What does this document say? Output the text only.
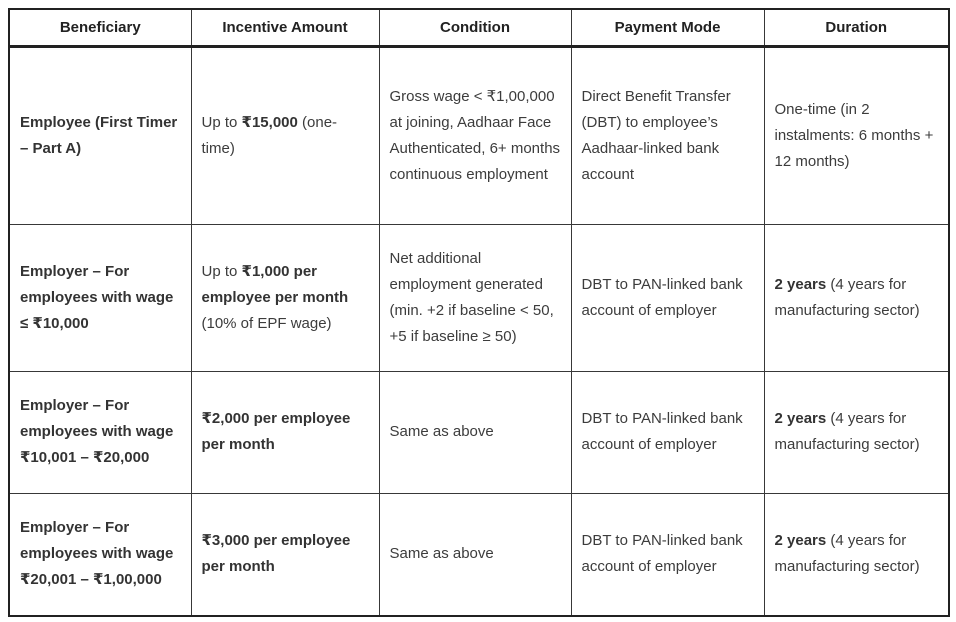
Beneficiary	Incentive Amount	Condition	Payment Mode	Duration
Employee (First Timer – Part A)	Up to ₹15,000 (one-time)	Gross wage < ₹1,00,000 at joining, Aadhaar Face Authenticated, 6+ months continuous employment	Direct Benefit Transfer (DBT) to employee’s Aadhaar-linked bank account	One-time (in 2 instalments: 6 months + 12 months)
Employer – For employees with wage ≤ ₹10,000	Up to ₹1,000 per employee per month (10% of EPF wage)	Net additional employment generated (min. +2 if baseline < 50, +5 if baseline ≥ 50)	DBT to PAN-linked bank account of employer	2 years (4 years for manufacturing sector)
Employer – For employees with wage ₹10,001 – ₹20,000	₹2,000 per employee per month	Same as above	DBT to PAN-linked bank account of employer	2 years (4 years for manufacturing sector)
Employer – For employees with wage ₹20,001 – ₹1,00,000	₹3,000 per employee per month	Same as above	DBT to PAN-linked bank account of employer	2 years (4 years for manufacturing sector)
